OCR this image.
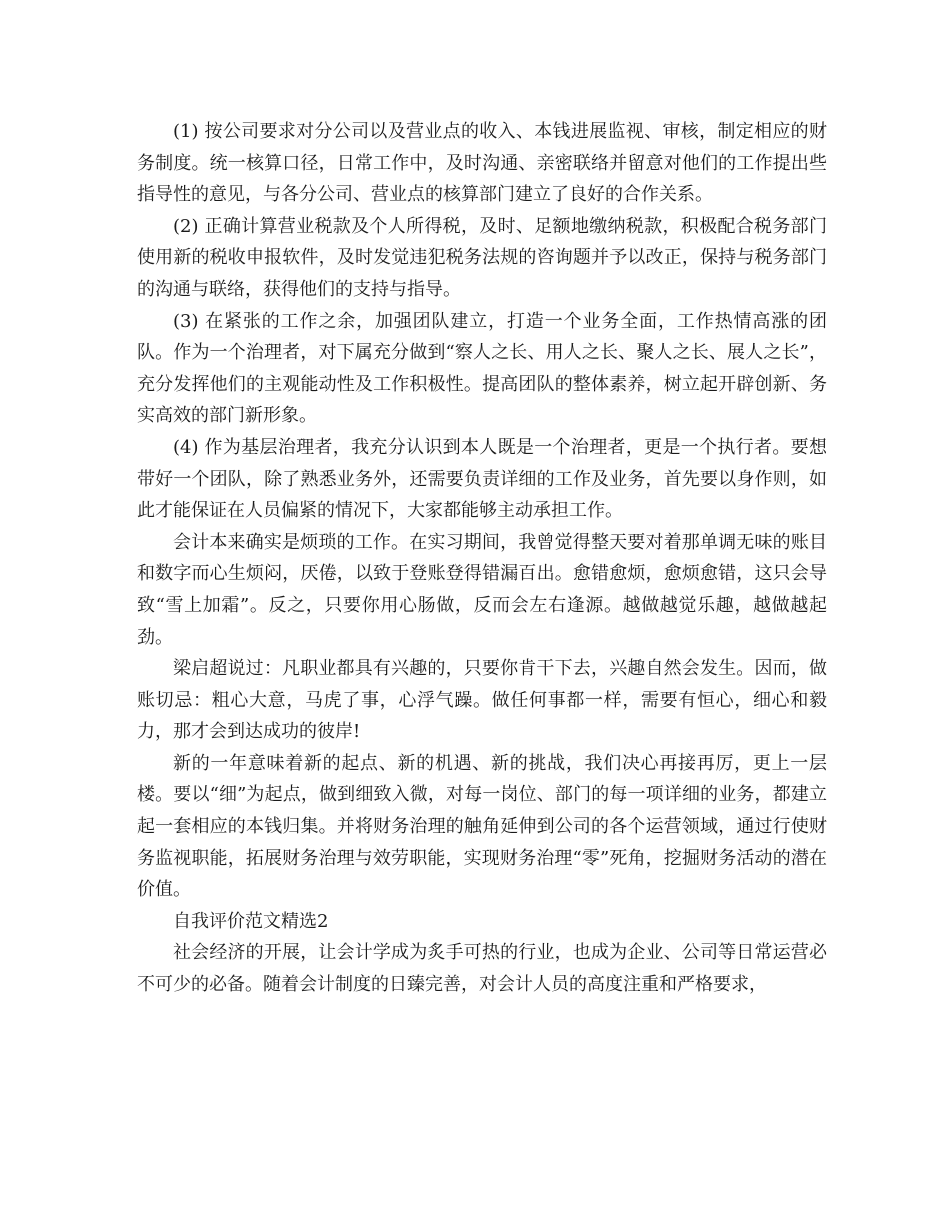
(1) 按公司要求对分公司以及营业点的收入、本钱进展监视、审核，制定相应的财务制度。统一核算口径，日常工作中，及时沟通、亲密联络并留意对他们的工作提出些指导性的意见，与各分公司、营业点的核算部门建立了良好的合作关系。

(2) 正确计算营业税款及个人所得税，及时、足额地缴纳税款，积极配合税务部门使用新的税收申报软件，及时发觉违犯税务法规的咨询题并予以改正，保持与税务部门的沟通与联络，获得他们的支持与指导。

(3) 在紧张的工作之余，加强团队建立，打造一个业务全面，工作热情高涨的团队。作为一个治理者，对下属充分做到“察人之长、用人之长、聚人之长、展人之长”，充分发挥他们的主观能动性及工作积极性。提高团队的整体素养，树立起开辟创新、务实高效的部门新形象。

(4) 作为基层治理者，我充分认识到本人既是一个治理者，更是一个执行者。要想带好一个团队，除了熟悉业务外，还需要负责详细的工作及业务，首先要以身作则，如此才能保证在人员偏紧的情况下，大家都能够主动承担工作。

会计本来确实是烦琐的工作。在实习期间，我曾觉得整天要对着那单调无味的账目和数字而心生烦闷，厌倦，以致于登账登得错漏百出。愈错愈烦，愈烦愈错，这只会导致“雪上加霜”。反之，只要你用心肠做，反而会左右逢源。越做越觉乐趣，越做越起劲。

梁启超说过：凡职业都具有兴趣的，只要你肯干下去，兴趣自然会发生。因而，做账切忌：粗心大意，马虎了事，心浮气躁。做任何事都一样，需要有恒心，细心和毅力，那才会到达成功的彼岸!

新的一年意味着新的起点、新的机遇、新的挑战，我们决心再接再厉，更上一层楼。要以“细”为起点，做到细致入微，对每一岗位、部门的每一项详细的业务，都建立起一套相应的本钱归集。并将财务治理的触角延伸到公司的各个运营领域，通过行使财务监视职能，拓展财务治理与效劳职能，实现财务治理“零”死角，挖掘财务活动的潜在价值。

自我评价范文精选2

社会经济的开展，让会计学成为炙手可热的行业，也成为企业、公司等日常运营必不可少的必备。随着会计制度的日臻完善，对会计人员的高度注重和严格要求，
